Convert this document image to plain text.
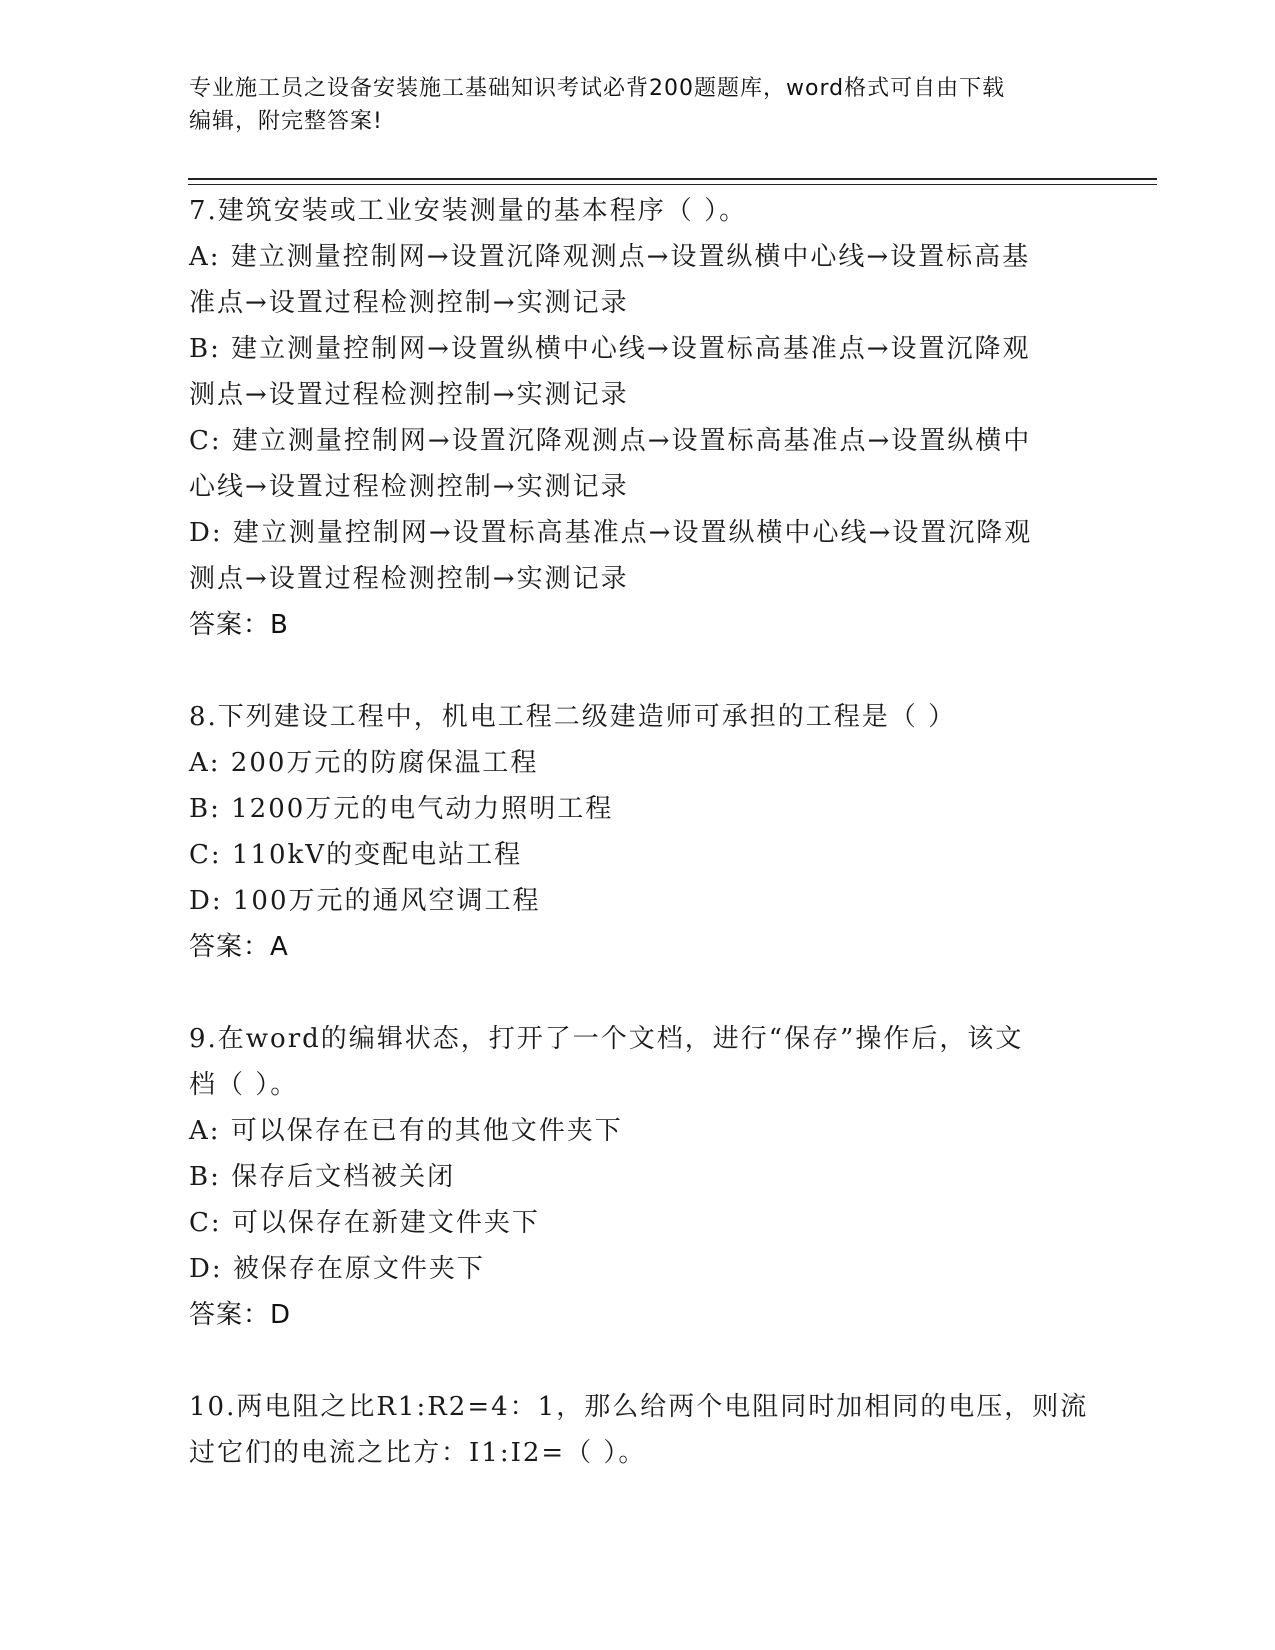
专业施工员之设备安装施工基础知识考试必背200题题库，word格式可自由下载
编辑，附完整答案!
7.建筑安装或工业安装测量的基本程序（ ）。
A: 建立测量控制网→设置沉降观测点→设置纵横中心线→设置标高基
准点→设置过程检测控制→实测记录
B: 建立测量控制网→设置纵横中心线→设置标高基准点→设置沉降观
测点→设置过程检测控制→实测记录
C: 建立测量控制网→设置沉降观测点→设置标高基准点→设置纵横中
心线→设置过程检测控制→实测记录
D: 建立测量控制网→设置标高基准点→设置纵横中心线→设置沉降观
测点→设置过程检测控制→实测记录
答案：B
8.下列建设工程中，机电工程二级建造师可承担的工程是（ ）
A: 200万元的防腐保温工程
B: 1200万元的电气动力照明工程
C: 110kV的变配电站工程
D: 100万元的通风空调工程
答案：A
9.在word的编辑状态，打开了一个文档，进行“保存”操作后，该文
档（ ）。
A: 可以保存在已有的其他文件夹下
B: 保存后文档被关闭
C: 可以保存在新建文件夹下
D: 被保存在原文件夹下
答案：D
10.两电阻之比R1:R2=4：1，那么给两个电阻同时加相同的电压，则流
过它们的电流之比方：I1:I2=（ ）。
